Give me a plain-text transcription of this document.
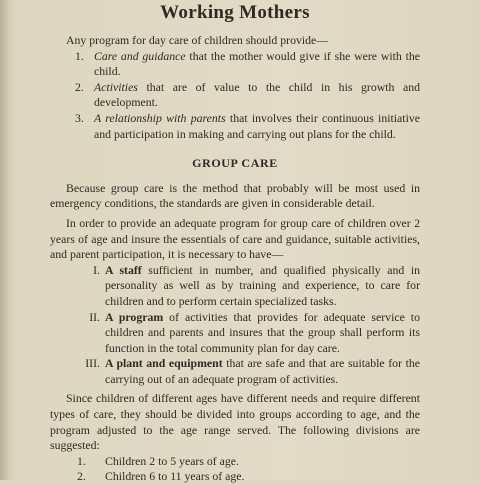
Working Mothers

Any program for day care of children should provide—

1. Care and guidance that the mother would give if she were with the child.
2. Activities that are of value to the child in his growth and development.
3. A relationship with parents that involves their continuous initiative and participation in making and carrying out plans for the child.
GROUP CARE

Because group care is the method that probably will be most used in emergency conditions, the standards are given in considerable detail.

In order to provide an adequate program for group care of children over 2 years of age and insure the essentials of care and guidance, suitable activities, and parent participation, it is necessary to have—

I. A staff sufficient in number, and qualified physically and in personality as well as by training and experience, to care for children and to perform certain specialized tasks.
II. A program of activities that provides for adequate service to children and parents and insures that the group shall perform its function in the total community plan for day care.
III. A plant and equipment that are safe and that are suitable for the carrying out of an adequate program of activities.

Since children of different ages have different needs and require different types of care, they should be divided into groups according to age, and the program adjusted to the age range served. The following divisions are suggested:

1. Children 2 to 5 years of age.
2. Children 6 to 11 years of age.
